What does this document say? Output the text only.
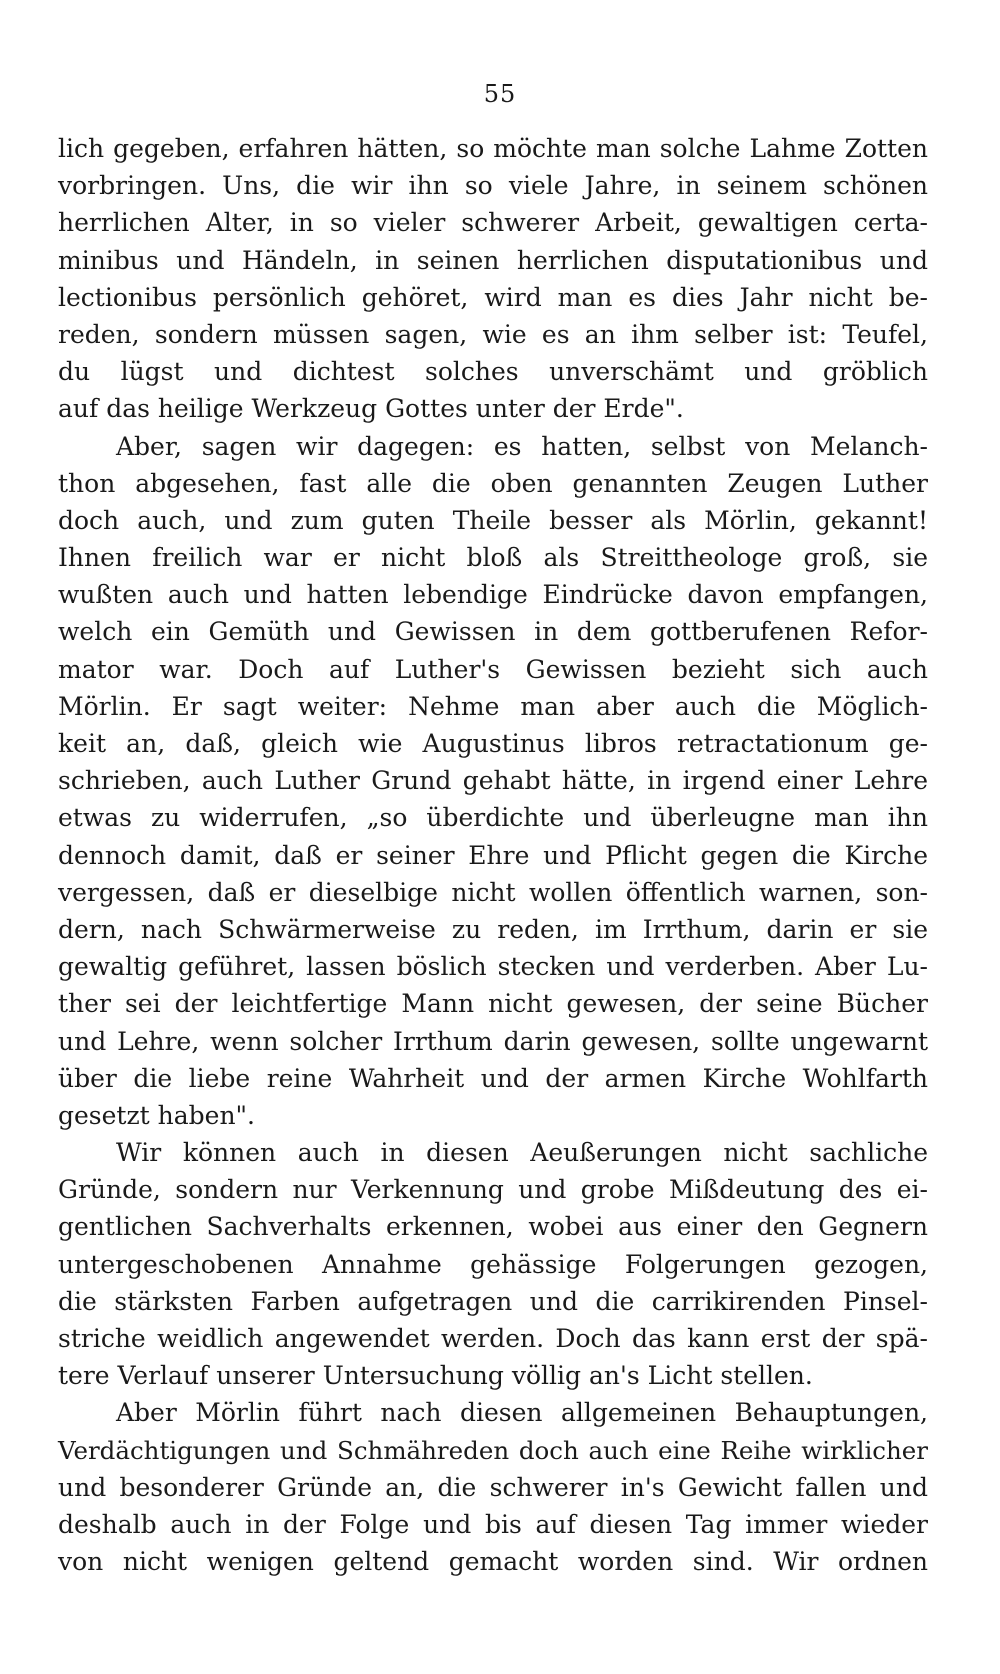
55
lich gegeben, erfahren hätten, so möchte man solche Lahme Zotten
vorbringen. Uns, die wir ihn so viele Jahre, in seinem schönen
herrlichen Alter, in so vieler schwerer Arbeit, gewaltigen certa-
minibus und Händeln, in seinen herrlichen disputationibus und
lectionibus persönlich gehöret, wird man es dies Jahr nicht be-
reden, sondern müssen sagen, wie es an ihm selber ist: Teufel,
du lügst und dichtest solches unverschämt und gröblich
auf das heilige Werkzeug Gottes unter der Erde".
Aber, sagen wir dagegen: es hatten, selbst von Melanch-
thon abgesehen, fast alle die oben genannten Zeugen Luther
doch auch, und zum guten Theile besser als Mörlin, gekannt!
Ihnen freilich war er nicht bloß als Streittheologe groß, sie
wußten auch und hatten lebendige Eindrücke davon empfangen,
welch ein Gemüth und Gewissen in dem gottberufenen Refor-
mator war. Doch auf Luther's Gewissen bezieht sich auch
Mörlin. Er sagt weiter: Nehme man aber auch die Möglich-
keit an, daß, gleich wie Augustinus libros retractationum ge-
schrieben, auch Luther Grund gehabt hätte, in irgend einer Lehre
etwas zu widerrufen, „so überdichte und überleugne man ihn
dennoch damit, daß er seiner Ehre und Pflicht gegen die Kirche
vergessen, daß er dieselbige nicht wollen öffentlich warnen, son-
dern, nach Schwärmerweise zu reden, im Irrthum, darin er sie
gewaltig geführet, lassen böslich stecken und verderben. Aber Lu-
ther sei der leichtfertige Mann nicht gewesen, der seine Bücher
und Lehre, wenn solcher Irrthum darin gewesen, sollte ungewarnt
über die liebe reine Wahrheit und der armen Kirche Wohlfarth
gesetzt haben".
Wir können auch in diesen Aeußerungen nicht sachliche
Gründe, sondern nur Verkennung und grobe Mißdeutung des ei-
gentlichen Sachverhalts erkennen, wobei aus einer den Gegnern
untergeschobenen Annahme gehässige Folgerungen gezogen,
die stärksten Farben aufgetragen und die carrikirenden Pinsel-
striche weidlich angewendet werden. Doch das kann erst der spä-
tere Verlauf unserer Untersuchung völlig an's Licht stellen.
Aber Mörlin führt nach diesen allgemeinen Behauptungen,
Verdächtigungen und Schmähreden doch auch eine Reihe wirklicher
und besonderer Gründe an, die schwerer in's Gewicht fallen und
deshalb auch in der Folge und bis auf diesen Tag immer wieder
von nicht wenigen geltend gemacht worden sind. Wir ordnen
